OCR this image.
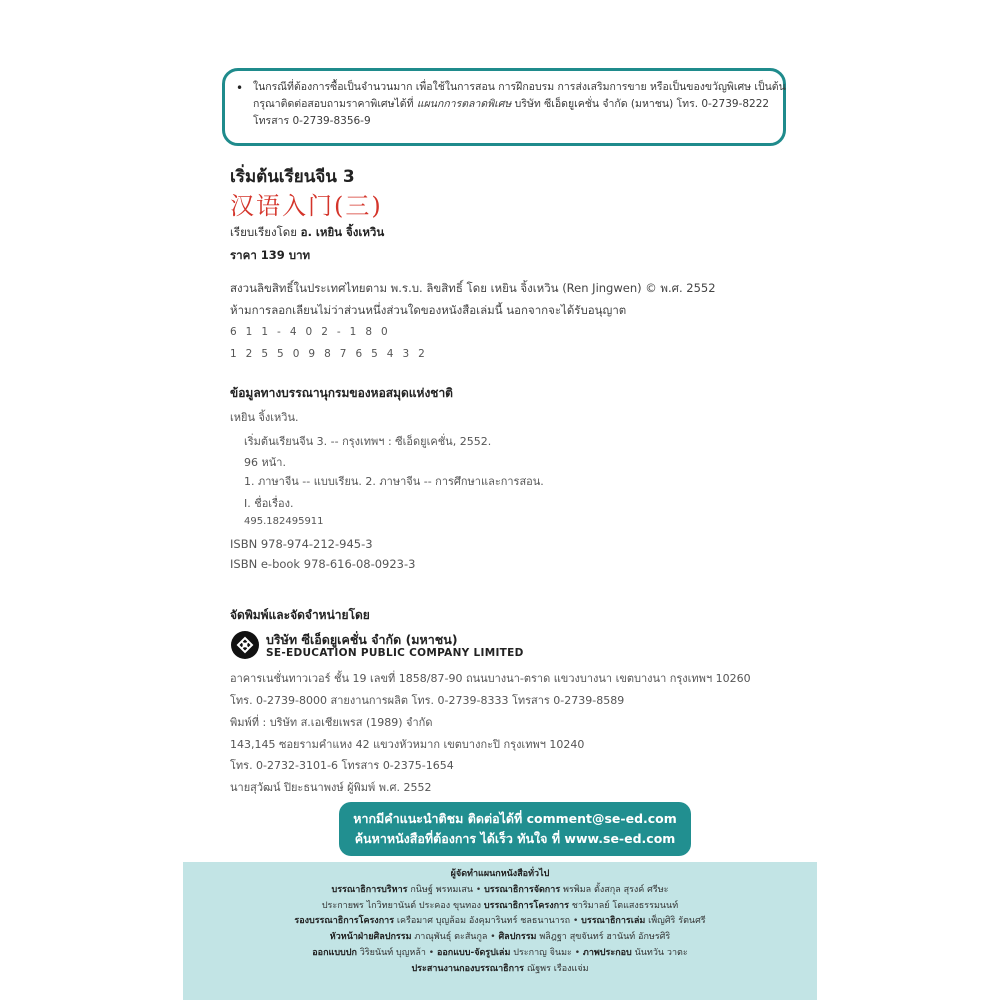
• ในกรณีที่ต้องการซื้อเป็นจำนวนมาก เพื่อใช้ในการสอน การฝึกอบรม การส่งเสริมการขาย หรือเป็นของขวัญพิเศษ เป็นต้น
กรุณาติดต่อสอบถามราคาพิเศษได้ที่ แผนกการตลาดพิเศษ บริษัท ซีเอ็ดยูเคชั่น จำกัด (มหาชน) โทร. 0-2739-8222
โทรสาร 0-2739-8356-9
เริ่มต้นเรียนจีน 3
汉语入门(三)
เรียบเรียงโดย อ. เหยิน จิ้งเหวิน
ราคา 139 บาท
สงวนลิขสิทธิ์ในประเทศไทยตาม พ.ร.บ. ลิขสิทธิ์ โดย เหยิน จิ้งเหวิน (Ren Jingwen) © พ.ศ. 2552
ห้ามการลอกเลียนไม่ว่าส่วนหนึ่งส่วนใดของหนังสือเล่มนี้ นอกจากจะได้รับอนุญาต
611-402-180
1255098765432
ข้อมูลทางบรรณานุกรมของหอสมุดแห่งชาติ
เหยิน จิ้งเหวิน.
เริ่มต้นเรียนจีน 3. -- กรุงเทพฯ : ซีเอ็ดยูเคชั่น, 2552.
96 หน้า.
1. ภาษาจีน -- แบบเรียน. 2. ภาษาจีน -- การศึกษาและการสอน.
I. ชื่อเรื่อง.
495.182495911
ISBN 978-974-212-945-3
ISBN e-book 978-616-08-0923-3
จัดพิมพ์และจัดจำหน่ายโดย
บริษัท ซีเอ็ดยูเคชั่น จำกัด (มหาชน)
SE-EDUCATION PUBLIC COMPANY LIMITED
อาคารเนชั่นทาวเวอร์ ชั้น 19 เลขที่ 1858/87-90 ถนนบางนา-ตราด แขวงบางนา เขตบางนา กรุงเทพฯ 10260
โทร. 0-2739-8000 สายงานการผลิต โทร. 0-2739-8333 โทรสาร 0-2739-8589
พิมพ์ที่ : บริษัท ส.เอเชียเพรส (1989) จำกัด
143,145 ซอยรามคำแหง 42 แขวงหัวหมาก เขตบางกะปิ กรุงเทพฯ 10240
โทร. 0-2732-3101-6 โทรสาร 0-2375-1654
นายสุวัฒน์ ปิยะธนาพงษ์ ผู้พิมพ์ พ.ศ. 2552
หากมีคำแนะนำติชม ติดต่อได้ที่ comment@se-ed.com
ค้นหาหนังสือที่ต้องการ ได้เร็ว ทันใจ ที่ www.se-ed.com
ผู้จัดทำแผนกหนังสือทั่วไป
บรรณาธิการบริหาร กนิษฐ์ พรหมเสน • บรรณาธิการจัดการ พรพิมล ตั้งสกุล สุรงค์ ศรีษะ
ประกายพร ไกวิทยานันต์ ประคอง ขุนทอง บรรณาธิการโครงการ ชาริมาลย์ โตแสงธรรมนนท์
รองบรรณาธิการโครงการ เครือมาศ บุญล้อม อังคุมารินทร์ ชลธนานารถ • บรรณาธิการเล่ม เพ็ญศิริ รัตนศรี
หัวหน้าฝ่ายศิลปกรรม ภาณุพันธุ์ ตะสันกูล • ศิลปกรรม พลิฎฐา สุขจันทร์ ฮานันท์ อักษรศิริ
ออกแบบปก วิริยนันท์ บุญหล้า • ออกแบบ-จัดรูปเล่ม ประกาญ จินมะ • ภาพประกอบ นันทวัน วาตะ
ประสานงานกองบรรณาธิการ ณัฐพร เรืองแจ่ม
